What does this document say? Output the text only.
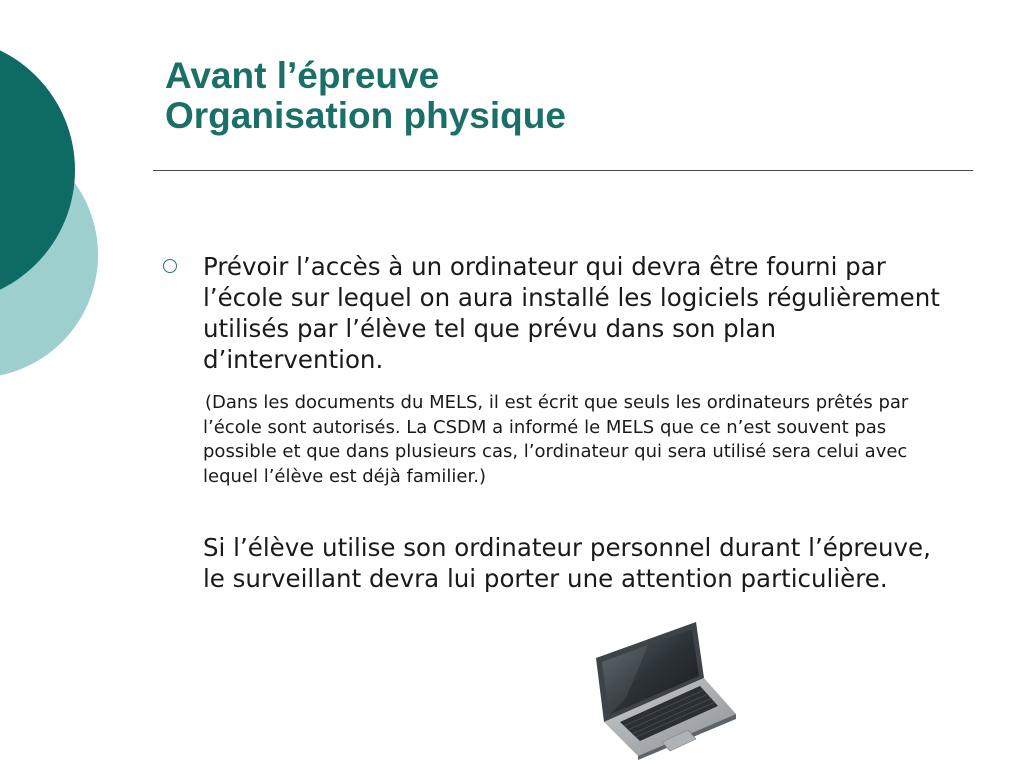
Avant l’épreuve
Organisation physique

Prévoir l’accès à un ordinateur qui devra être fourni par l’école sur lequel on aura installé les logiciels régulièrement utilisés par l’élève tel que prévu dans son plan d’intervention.

(Dans les documents du MELS, il est écrit que seuls les ordinateurs prêtés par l’école sont autorisés. La CSDM a informé le MELS que ce n’est souvent pas possible et que dans plusieurs cas, l’ordinateur qui sera utilisé sera celui avec lequel l’élève est déjà familier.)

Si l’élève utilise son ordinateur personnel durant l’épreuve, le surveillant devra lui porter une attention particulière.
